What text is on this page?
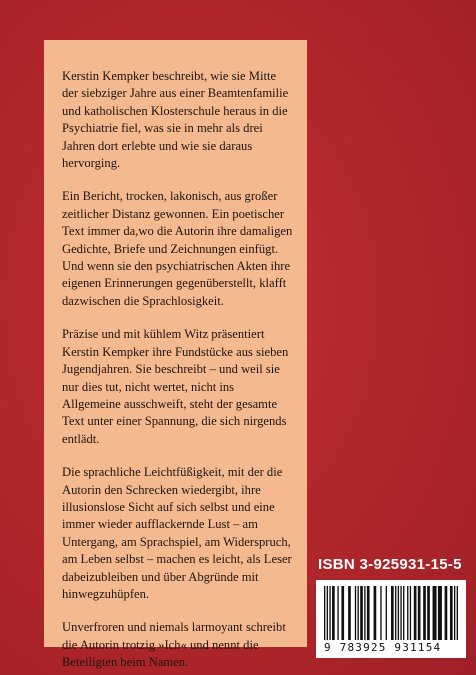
Kerstin Kempker beschreibt, wie sie Mitte der siebziger Jahre aus einer Beamtenfamilie und katholischen Klosterschule heraus in die Psychiatrie fiel, was sie in mehr als drei Jahren dort erlebte und wie sie daraus hervorging.

Ein Bericht, trocken, lakonisch, aus großer zeitlicher Distanz gewonnen. Ein poetischer Text immer da,wo die Autorin ihre damaligen Gedichte, Briefe und Zeichnungen einfügt. Und wenn sie den psychiatrischen Akten ihre eigenen Erinnerungen gegenüberstellt, klafft dazwischen die Sprachlosigkeit.

Präzise und mit kühlem Witz präsentiert Kerstin Kempker ihre Fundstücke aus sieben Jugendjahren. Sie beschreibt – und weil sie nur dies tut, nicht wertet, nicht ins Allgemeine ausschweift, steht der gesamte Text unter einer Spannung, die sich nirgends entlädt.

Die sprachliche Leichtfüßigkeit, mit der die Autorin den Schrecken wiedergibt, ihre illusionslose Sicht auf sich selbst und eine immer wieder aufflackernde Lust – am Untergang, am Sprachspiel, am Widerspruch, am Leben selbst – machen es leicht, als Leser dabeizubleiben und über Abgründe mit hinwegzuhüpfen.

Unverfroren und niemals larmoyant schreibt die Autorin trotzig »Ich« und nennt die Beteiligten beim Namen.

ISBN 3-925931-15-5
9 783925 931154
